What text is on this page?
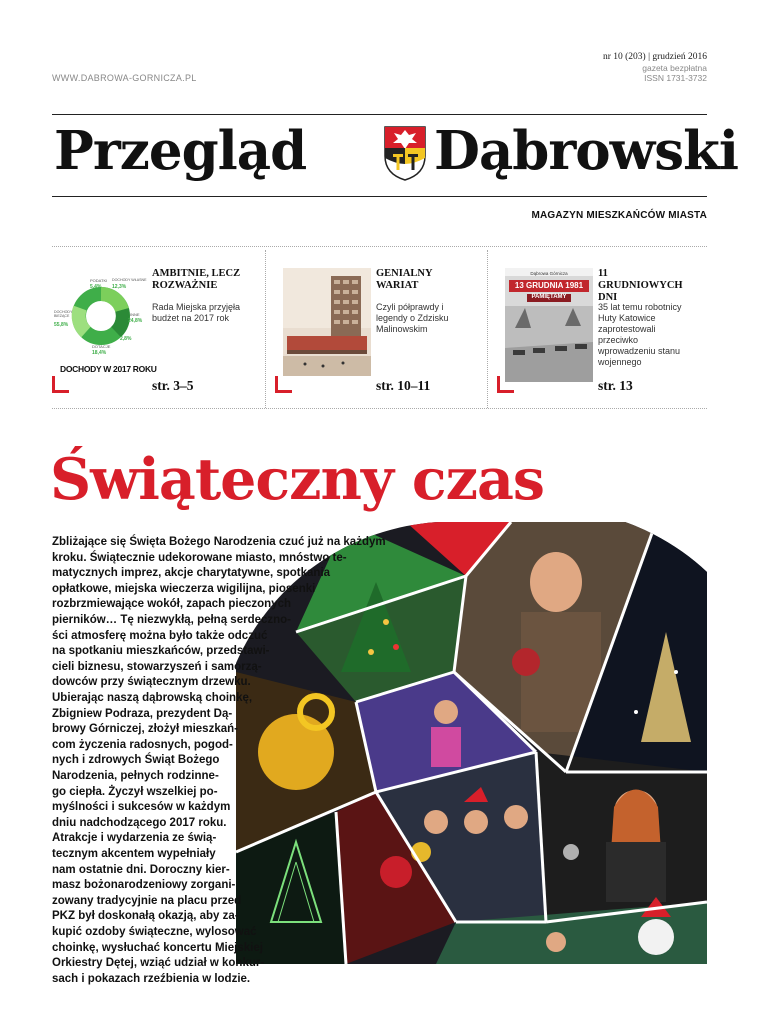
WWW.DABROWA-GORNICZA.PL
nr 10 (203) | grudzień 2016
gazeta bezpłatna
ISSN 1731-3732
Przegląd Dąbrowski
MAGAZYN MIESZKAŃCÓW MIASTA
PODATKI
5,4%
DOCHODY WŁASNE
12,3%
INNE
24,8%
DOCHODY BIEŻĄCE
55,8%
DOTACJE
18,4%
2,8%
DOCHODY W 2017 ROKU
AMBITNIE, LECZ ROZWAŻNIE
Rada Miejska przyjęła budżet na 2017 rok
str. 3–5
GENIALNY WARIAT
Czyli półprawdy i legendy o Zdzisku Malinowskim
str. 10–11
Dąbrowa Górnicza
13 GRUDNIA 1981
PAMIĘTAMY
11 GRUDNIOWYCH DNI
35 lat temu robotnicy Huty Katowice zaprotestowali przeciwko wprowadzeniu stanu wojennego
str. 13
Świąteczny czas
Zbliżające się Święta Bożego Narodzenia czuć już na każdym
kroku. Świątecznie udekorowane miasto, mnóstwo te-
matycznych imprez, akcje charytatywne, spotkania
opłatkowe, miejska wieczerza wigilijna, piosenki
rozbrzmiewające wokół, zapach pieczonych
pierników… Tę niezwykłą, pełną serdeczno-
ści atmosferę można było także odczuć
na spotkaniu mieszkańców, przedstawi-
cieli biznesu, stowarzyszeń i samorzą-
dowców przy świątecznym drzewku.
Ubierając naszą dąbrowską choinkę,
Zbigniew Podraza, prezydent Dą-
browy Górniczej, złożył mieszkań-
com życzenia radosnych, pogod-
nych i zdrowych Świąt Bożego
Narodzenia, pełnych rodzinne-
go ciepła. Życzył wszelkiej po-
myślności i sukcesów w każdym
dniu nadchodzącego 2017 roku.
Atrakcje i wydarzenia ze świą-
tecznym akcentem wypełniały
nam ostatnie dni. Doroczny kier-
masz bożonarodzeniowy zorgani-
zowany tradycyjnie na placu przed
PKZ był doskonałą okazją, aby za-
kupić ozdoby świąteczne, wylosować
choinkę, wysłuchać koncertu Miejskiej
Orkiestry Dętej, wziąć udział w konkur-
sach i pokazach rzeźbienia w lodzie.
